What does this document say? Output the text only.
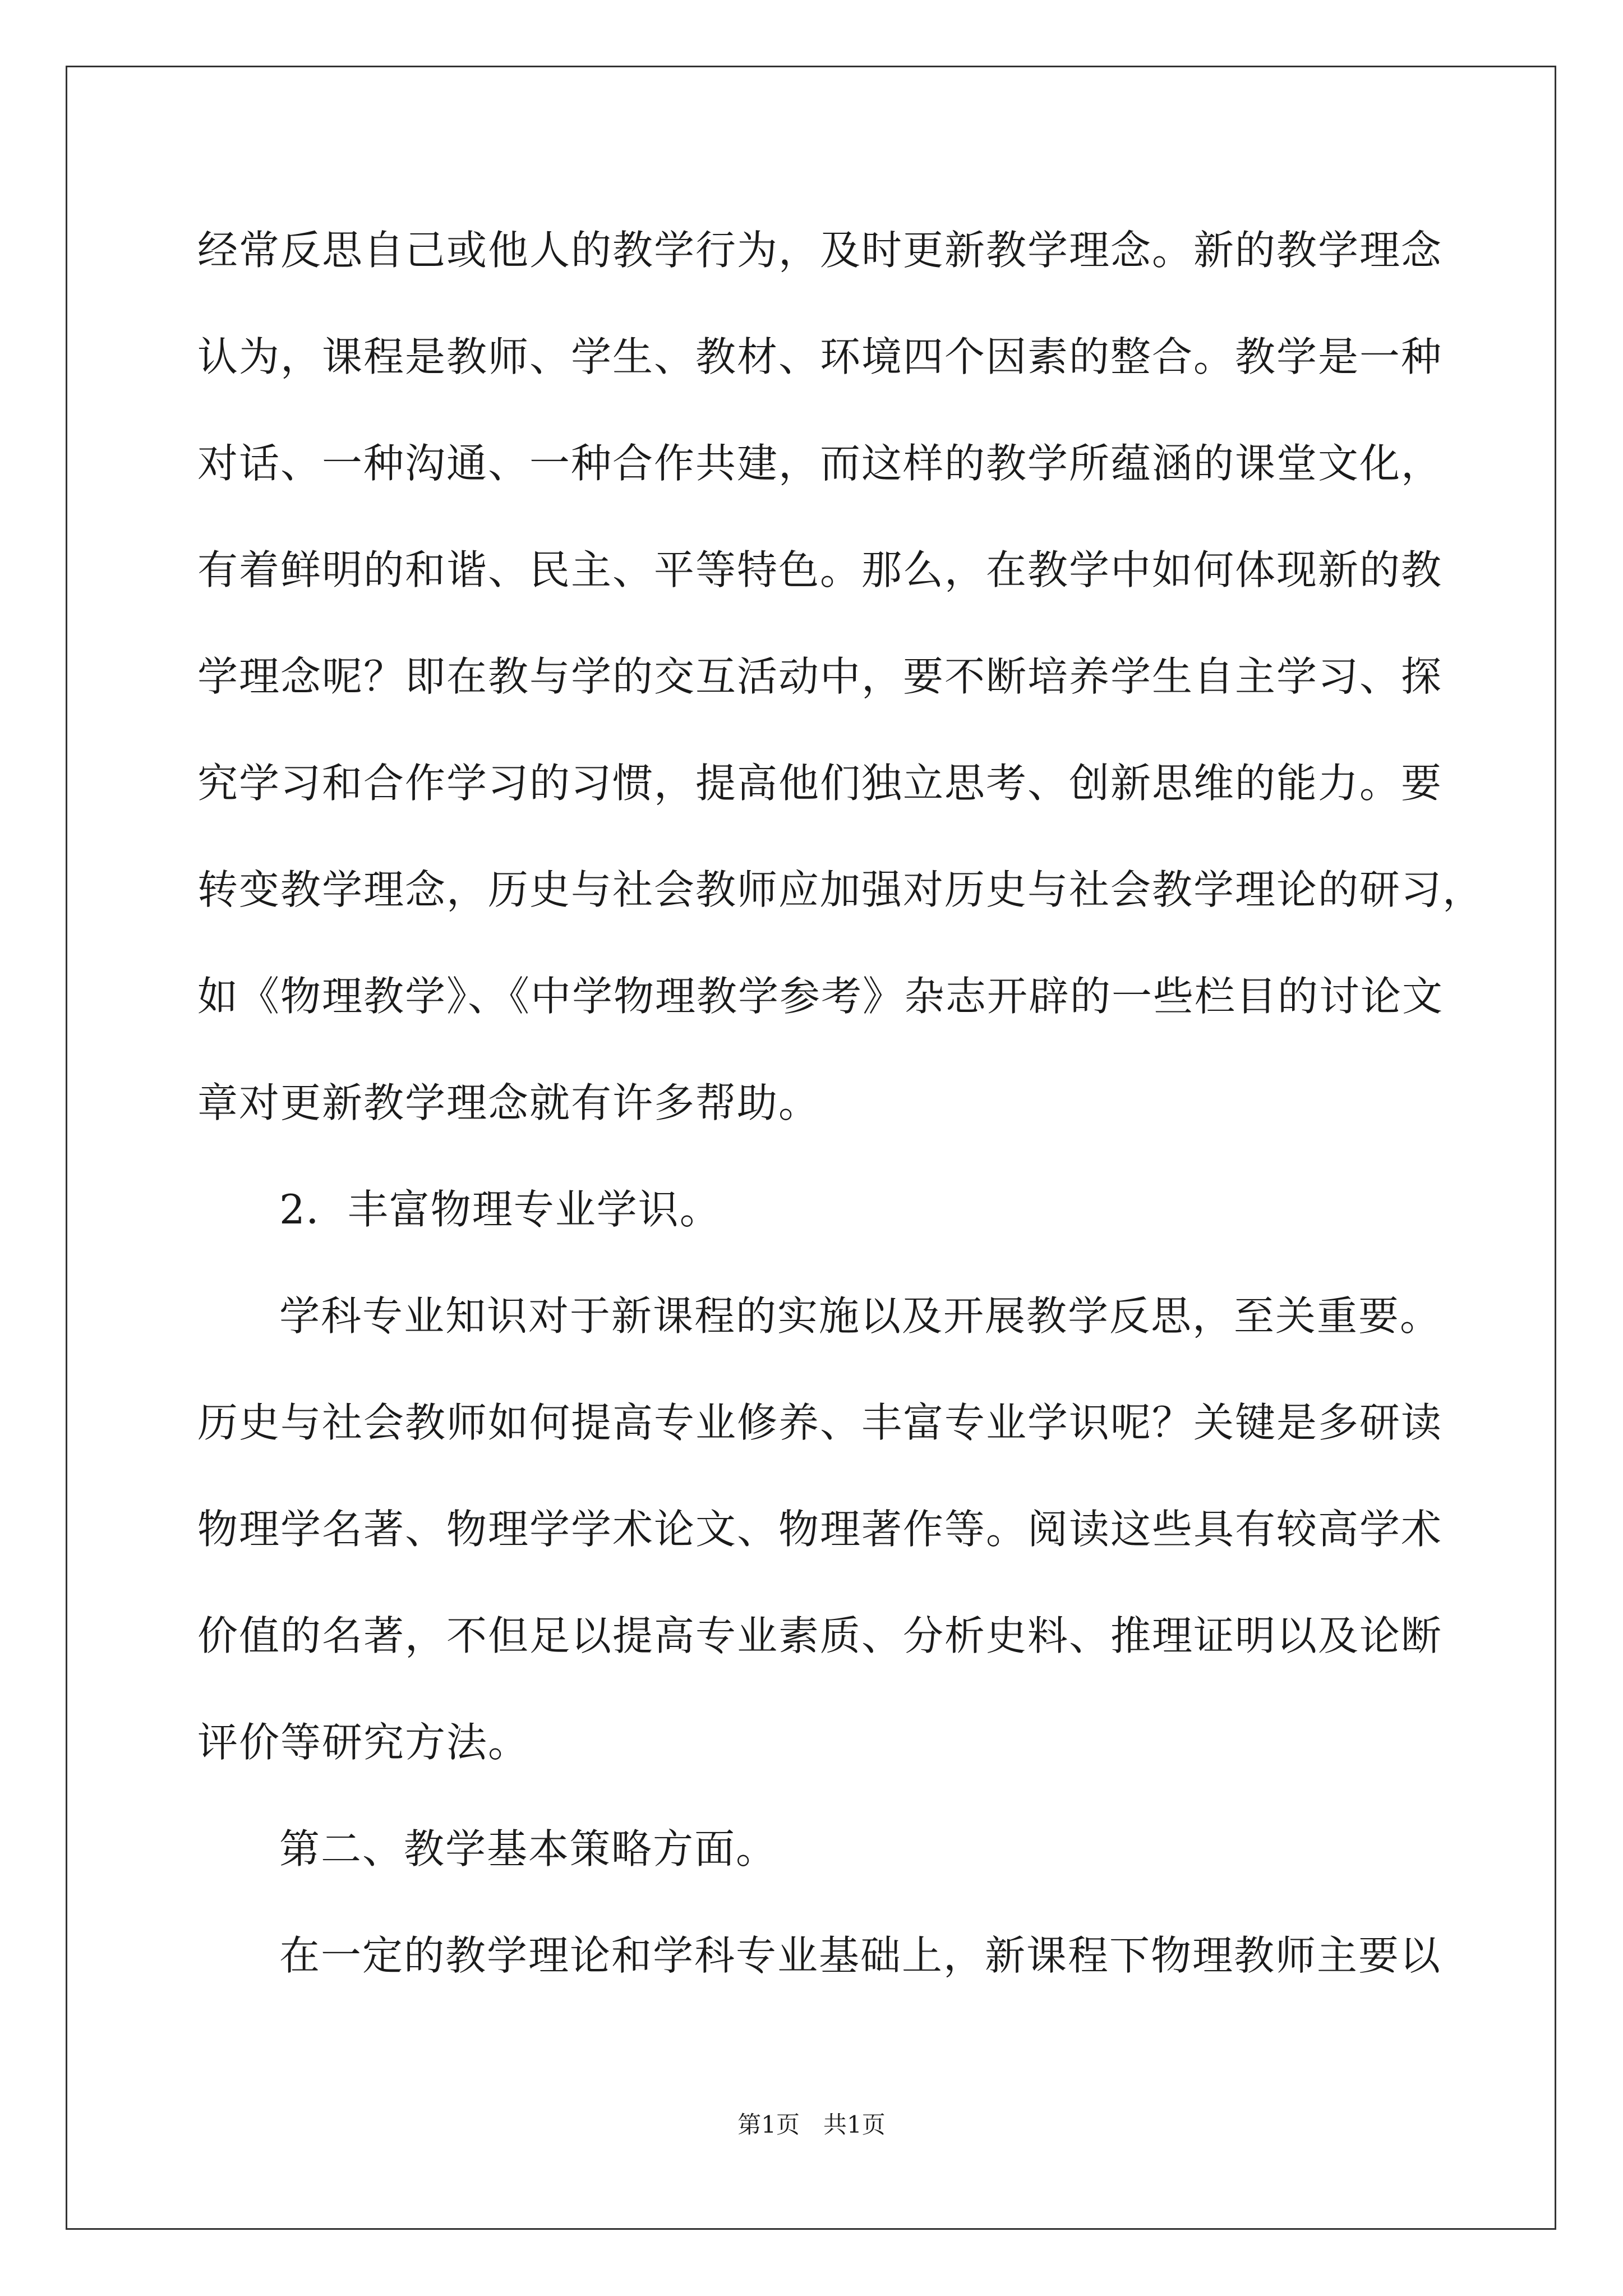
经常反思自己或他人的教学行为，及时更新教学理念。新的教学理念
认为，课程是教师、学生、教材、环境四个因素的整合。教学是一种
对话、一种沟通、一种合作共建，而这样的教学所蕴涵的课堂文化，
有着鲜明的和谐、民主、平等特色。那么，在教学中如何体现新的教
学理念呢？即在教与学的交互活动中，要不断培养学生自主学习、探
究学习和合作学习的习惯，提高他们独立思考、创新思维的能力。要
转变教学理念，历史与社会教师应加强对历史与社会教学理论的研习，
如《物理教学》、《中学物理教学参考》杂志开辟的一些栏目的讨论文
章对更新教学理念就有许多帮助。
2．丰富物理专业学识。
学科专业知识对于新课程的实施以及开展教学反思，至关重要。
历史与社会教师如何提高专业修养、丰富专业学识呢？关键是多研读
物理学名著、物理学学术论文、物理著作等。阅读这些具有较高学术
价值的名著，不但足以提高专业素质、分析史料、推理证明以及论断
评价等研究方法。
第二、教学基本策略方面。
在一定的教学理论和学科专业基础上，新课程下物理教师主要以
第1页　共1页
